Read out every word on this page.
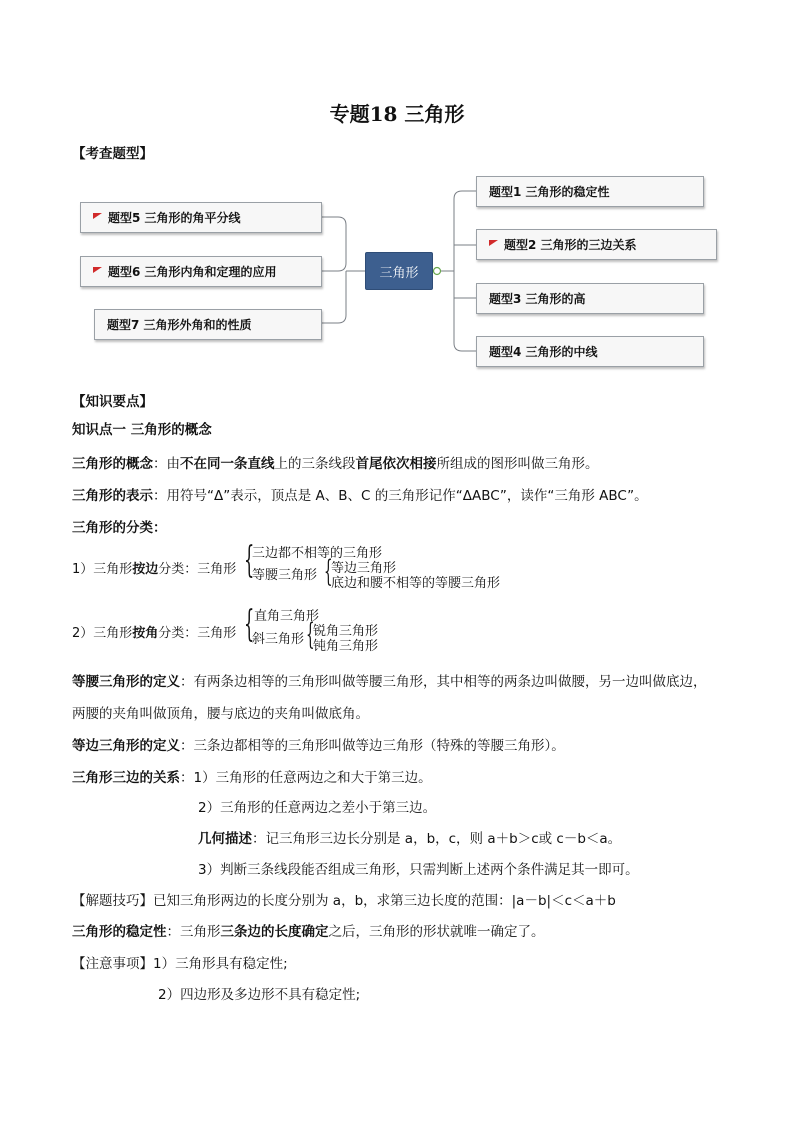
专题18 三角形
【考查题型】
题型5 三角形的角平分线
题型6 三角形内角和定理的应用
题型7 三角形外角和的性质
三角形
题型1 三角形的稳定性
题型2 三角形的三边关系
题型3 三角形的高
题型4 三角形的中线
【知识要点】
知识点一 三角形的概念
三角形的概念：由不在同一条直线上的三条线段首尾依次相接所组成的图形叫做三角形。
三角形的表示：用符号“Δ”表示，顶点是 A、B、C 的三角形记作“ΔABC”，读作“三角形 ABC”。
三角形的分类：
1）三角形按边分类：三角形 {
三边都不相等的三角形
等腰三角形 {
等边三角形
底边和腰不相等的等腰三角形
2）三角形按角分类：三角形 { 直角三角形
斜三角形 {
锐角三角形
钝角三角形
等腰三角形的定义：有两条边相等的三角形叫做等腰三角形，其中相等的两条边叫做腰，另一边叫做底边，
两腰的夹角叫做顶角，腰与底边的夹角叫做底角。
等边三角形的定义：三条边都相等的三角形叫做等边三角形（特殊的等腰三角形）。
三角形三边的关系：1）三角形的任意两边之和大于第三边。
2）三角形的任意两边之差小于第三边。
几何描述：记三角形三边长分别是 a，b，c，则 a＋b＞c或 c－b＜a。
3）判断三条线段能否组成三角形，只需判断上述两个条件满足其一即可。
【解题技巧】已知三角形两边的长度分别为 a，b，求第三边长度的范围：|a－b|＜c＜a＋b
三角形的稳定性：三角形三条边的长度确定之后，三角形的形状就唯一确定了。
【注意事项】1）三角形具有稳定性;
2）四边形及多边形不具有稳定性;
